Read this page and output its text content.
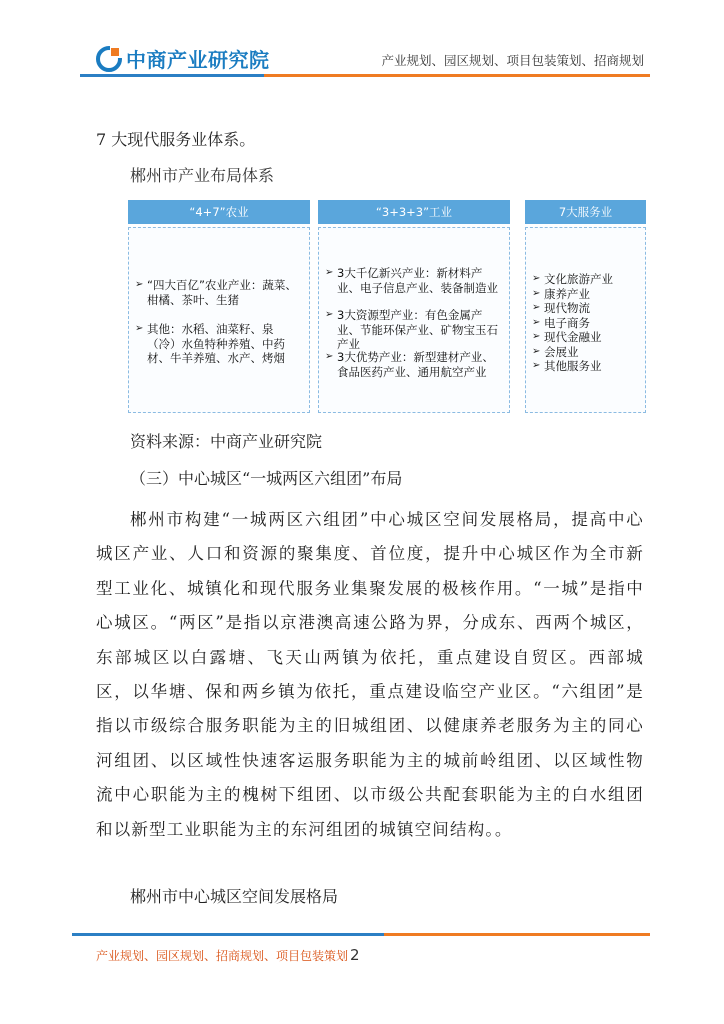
中商产业研究院	产业规划、园区规划、项目包装策划、招商规划
7 大现代服务业体系。
郴州市产业布局体系
“4+7”农业
➢ “四大百亿”农业产业：蔬菜、柑橘、茶叶、生猪
➢ 其他：水稻、油菜籽、泉（冷）水鱼特种养殖、中药材、牛羊养殖、水产、烤烟
“3+3+3”工业
➢ 3大千亿新兴产业：新材料产业、电子信息产业、装备制造业
➢ 3大资源型产业：有色金属产业、节能环保产业、矿物宝玉石产业
➢ 3大优势产业：新型建材产业、食品医药产业、通用航空产业
7大服务业
➢ 文化旅游产业
➢ 康养产业
➢ 现代物流
➢ 电子商务
➢ 现代金融业
➢ 会展业
➢ 其他服务业
资料来源：中商产业研究院
（三）中心城区“一城两区六组团”布局
郴州市构建“一城两区六组团”中心城区空间发展格局，提高中心城区产业、人口和资源的聚集度、首位度，提升中心城区作为全市新型工业化、城镇化和现代服务业集聚发展的极核作用。“一城”是指中心城区。“两区”是指以京港澳高速公路为界，分成东、西两个城区，东部城区以白露塘、飞天山两镇为依托，重点建设自贸区。西部城区，以华塘、保和两乡镇为依托，重点建设临空产业区。“六组团”是指以市级综合服务职能为主的旧城组团、以健康养老服务为主的同心河组团、以区域性快速客运服务职能为主的城前岭组团、以区域性物流中心职能为主的槐树下组团、以市级公共配套职能为主的白水组团和以新型工业职能为主的东河组团的城镇空间结构。。
郴州市中心城区空间发展格局
产业规划、园区规划、招商规划、项目包装策划 2
